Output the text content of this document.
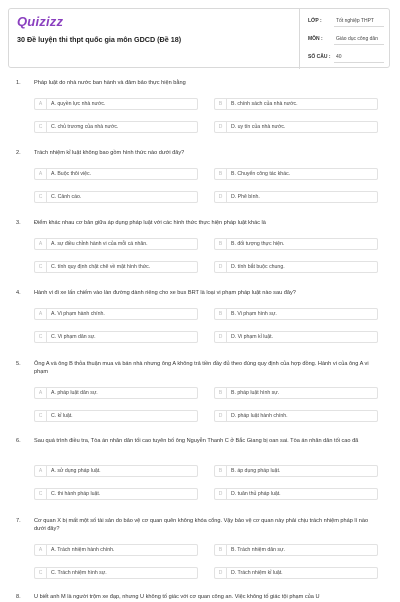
Quizizz
30 Đề luyện thi thpt quốc gia môn GDCD (Đề 18)
LỚP :	Tốt nghiệp THPT
MÔN :	Giáo dục công dân
SỐ CÂU :	40
1. Pháp luật do nhà nước ban hành và đảm bảo thực hiện bằng
A	A. quyền lực nhà nước.	B	B. chính sách của nhà nước.
C	C. chủ trương của nhà nước.	D	D. uy tín của nhà nước.
2. Trách nhiệm kỉ luật không bao gồm hình thức nào dưới đây?
A	A. Buộc thôi việc.	B	B. Chuyển công tác khác.
C	C. Cảnh cáo.	D	D. Phê bình.
3. Điểm khác nhau cơ bản giữa áp dụng pháp luật với các hình thức thực hiện pháp luật khác là
A	A. sự điều chỉnh hành vi của mỗi cá nhân.	B	B. đối tượng thực hiện.
C	C. tính quy định chặt chẽ về mặt hình thức.	D	D. tính bắt buộc chung.
4. Hành vi đi xe lấn chiếm vào làn đường dành riêng cho xe bus BRT là loại vi phạm pháp luật nào sau đây?
A	A. Vi phạm hành chính.	B	B. Vi phạm hình sự.
C	C. Vi phạm dân sự.	D	D. Vi phạm kỉ luật.
5. Ông A và ông B thỏa thuận mua và bán nhà nhưng ông A không trả tiền đầy đủ theo đúng quy định của hợp đồng. Hành vi của ông A vi phạm
A	A. pháp luật dân sự.	B	B. pháp luật hình sự.
C	C. kỉ luật.	D	D. pháp luật hành chính.
6. Sau quá trình điều tra, Tòa án nhân dân tối cao tuyên bố ông Nguyễn Thanh C ở Bắc Giang bị oan sai. Tòa án nhân dân tối cao đã
A	A. sử dụng pháp luật.	B	B. áp dụng pháp luật.
C	C. thi hành pháp luật.	D	D. tuân thủ pháp luật.
7. Cơ quan X bị mất một số tài sản do bảo vệ cơ quan quên không khóa cổng. Vậy bảo vệ cơ quan này phải chịu trách nhiệm pháp lí nào dưới đây?
A	A. Trách nhiệm hành chính.	B	B. Trách nhiệm dân sự.
C	C. Trách nhiệm hình sự.	D	D. Trách nhiệm kỉ luật.
8. U biết anh M là người trộm xe đạp, nhưng U không tố giác với cơ quan công an. Việc không tố giác tội phạm của U
